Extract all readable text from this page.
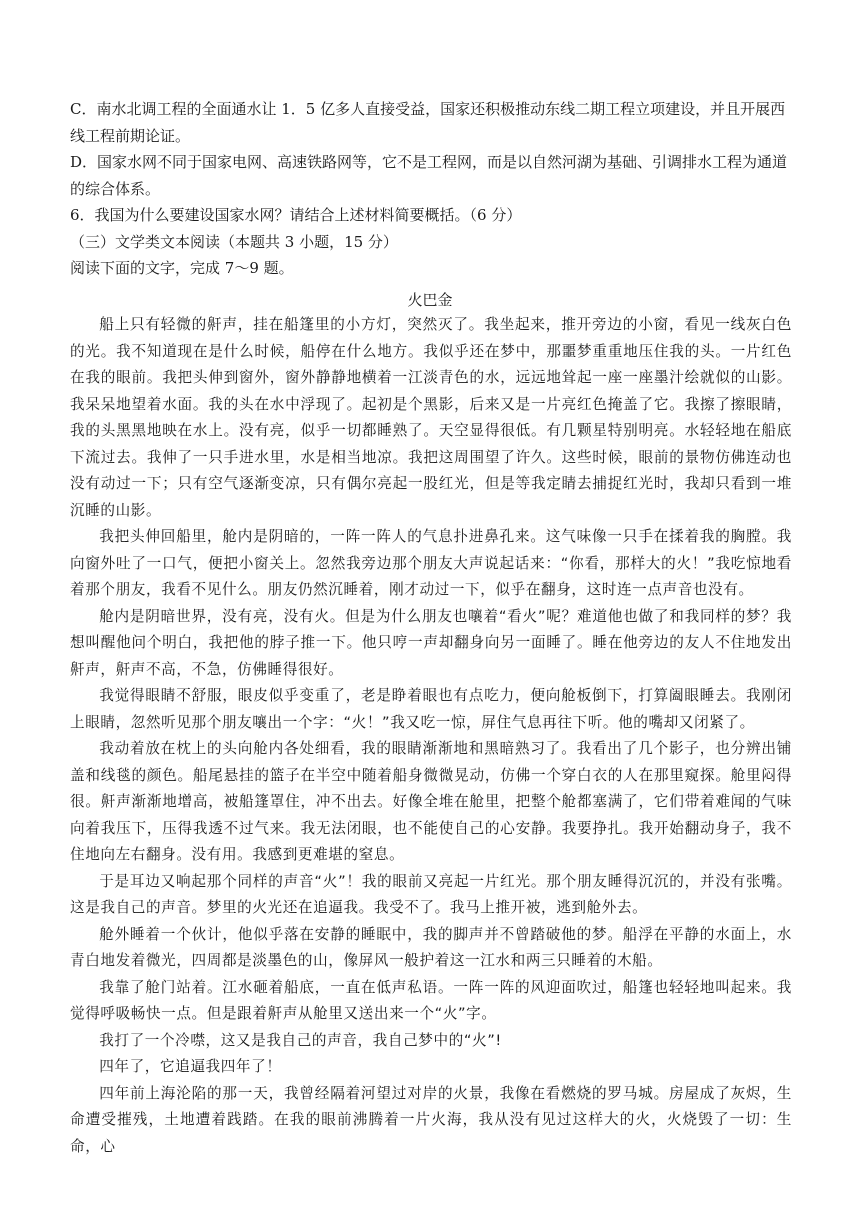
C．南水北调工程的全面通水让 1．5 亿多人直接受益，国家还积极推动东线二期工程立项建设，并且开展西线工程前期论证。

D．国家水网不同于国家电网、高速铁路网等，它不是工程网，而是以自然河湖为基础、引调排水工程为通道的综合体系。

6．我国为什么要建设国家水网？请结合上述材料简要概括。（6 分）

（三）文学类文本阅读（本题共 3 小题，15 分）

阅读下面的文字，完成 7～9 题。

火巴金

船上只有轻微的鼾声，挂在船篷里的小方灯，突然灭了。我坐起来，推开旁边的小窗，看见一线灰白色的光。我不知道现在是什么时候，船停在什么地方。我似乎还在梦中，那噩梦重重地压住我的头。一片红色在我的眼前。我把头伸到窗外，窗外静静地横着一江淡青色的水，远远地耸起一座一座墨汁绘就似的山影。我呆呆地望着水面。我的头在水中浮现了。起初是个黑影，后来又是一片亮红色掩盖了它。我擦了擦眼睛，我的头黑黑地映在水上。没有亮，似乎一切都睡熟了。天空显得很低。有几颗星特别明亮。水轻轻地在船底下流过去。我伸了一只手进水里，水是相当地凉。我把这周围望了许久。这些时候，眼前的景物仿佛连动也没有动过一下；只有空气逐渐变凉，只有偶尔亮起一股红光，但是等我定睛去捕捉红光时，我却只看到一堆沉睡的山影。

我把头伸回船里，舱内是阴暗的，一阵一阵人的气息扑进鼻孔来。这气味像一只手在揉着我的胸膛。我向窗外吐了一口气，便把小窗关上。忽然我旁边那个朋友大声说起话来：“你看，那样大的火！”我吃惊地看着那个朋友，我看不见什么。朋友仍然沉睡着，刚才动过一下，似乎在翻身，这时连一点声音也没有。

舱内是阴暗世界，没有亮，没有火。但是为什么朋友也嚷着“看火”呢？难道他也做了和我同样的梦？我想叫醒他问个明白，我把他的脖子推一下。他只哼一声却翻身向另一面睡了。睡在他旁边的友人不住地发出鼾声，鼾声不高，不急，仿佛睡得很好。

我觉得眼睛不舒服，眼皮似乎变重了，老是睁着眼也有点吃力，便向舱板倒下，打算阖眼睡去。我刚闭上眼睛，忽然听见那个朋友嚷出一个字：“火！”我又吃一惊，屏住气息再往下听。他的嘴却又闭紧了。

我动着放在枕上的头向舱内各处细看，我的眼睛渐渐地和黑暗熟习了。我看出了几个影子，也分辨出铺盖和线毯的颜色。船尾悬挂的篮子在半空中随着船身微微晃动，仿佛一个穿白衣的人在那里窥探。舱里闷得很。鼾声渐渐地增高，被船篷罩住，冲不出去。好像全堆在舱里，把整个舱都塞满了，它们带着难闻的气味向着我压下，压得我透不过气来。我无法闭眼，也不能使自己的心安静。我要挣扎。我开始翻动身子，我不住地向左右翻身。没有用。我感到更难堪的窒息。

于是耳边又响起那个同样的声音“火”！我的眼前又亮起一片红光。那个朋友睡得沉沉的，并没有张嘴。这是我自己的声音。梦里的火光还在追逼我。我受不了。我马上推开被，逃到舱外去。

舱外睡着一个伙计，他似乎落在安静的睡眠中，我的脚声并不曾踏破他的梦。船浮在平静的水面上，水青白地发着微光，四周都是淡墨色的山，像屏风一般护着这一江水和两三只睡着的木船。

我靠了舱门站着。江水砸着船底，一直在低声私语。一阵一阵的风迎面吹过，船篷也轻轻地叫起来。我觉得呼吸畅快一点。但是跟着鼾声从舱里又送出来一个“火”字。

我打了一个冷噤，这又是我自己的声音，我自己梦中的“火”!

四年了，它追逼我四年了！

四年前上海沦陷的那一天，我曾经隔着河望过对岸的火景，我像在看燃烧的罗马城。房屋成了灰烬，生命遭受摧残，土地遭着践踏。在我的眼前沸腾着一片火海，我从没有见过这样大的火，火烧毁了一切：生命，心
